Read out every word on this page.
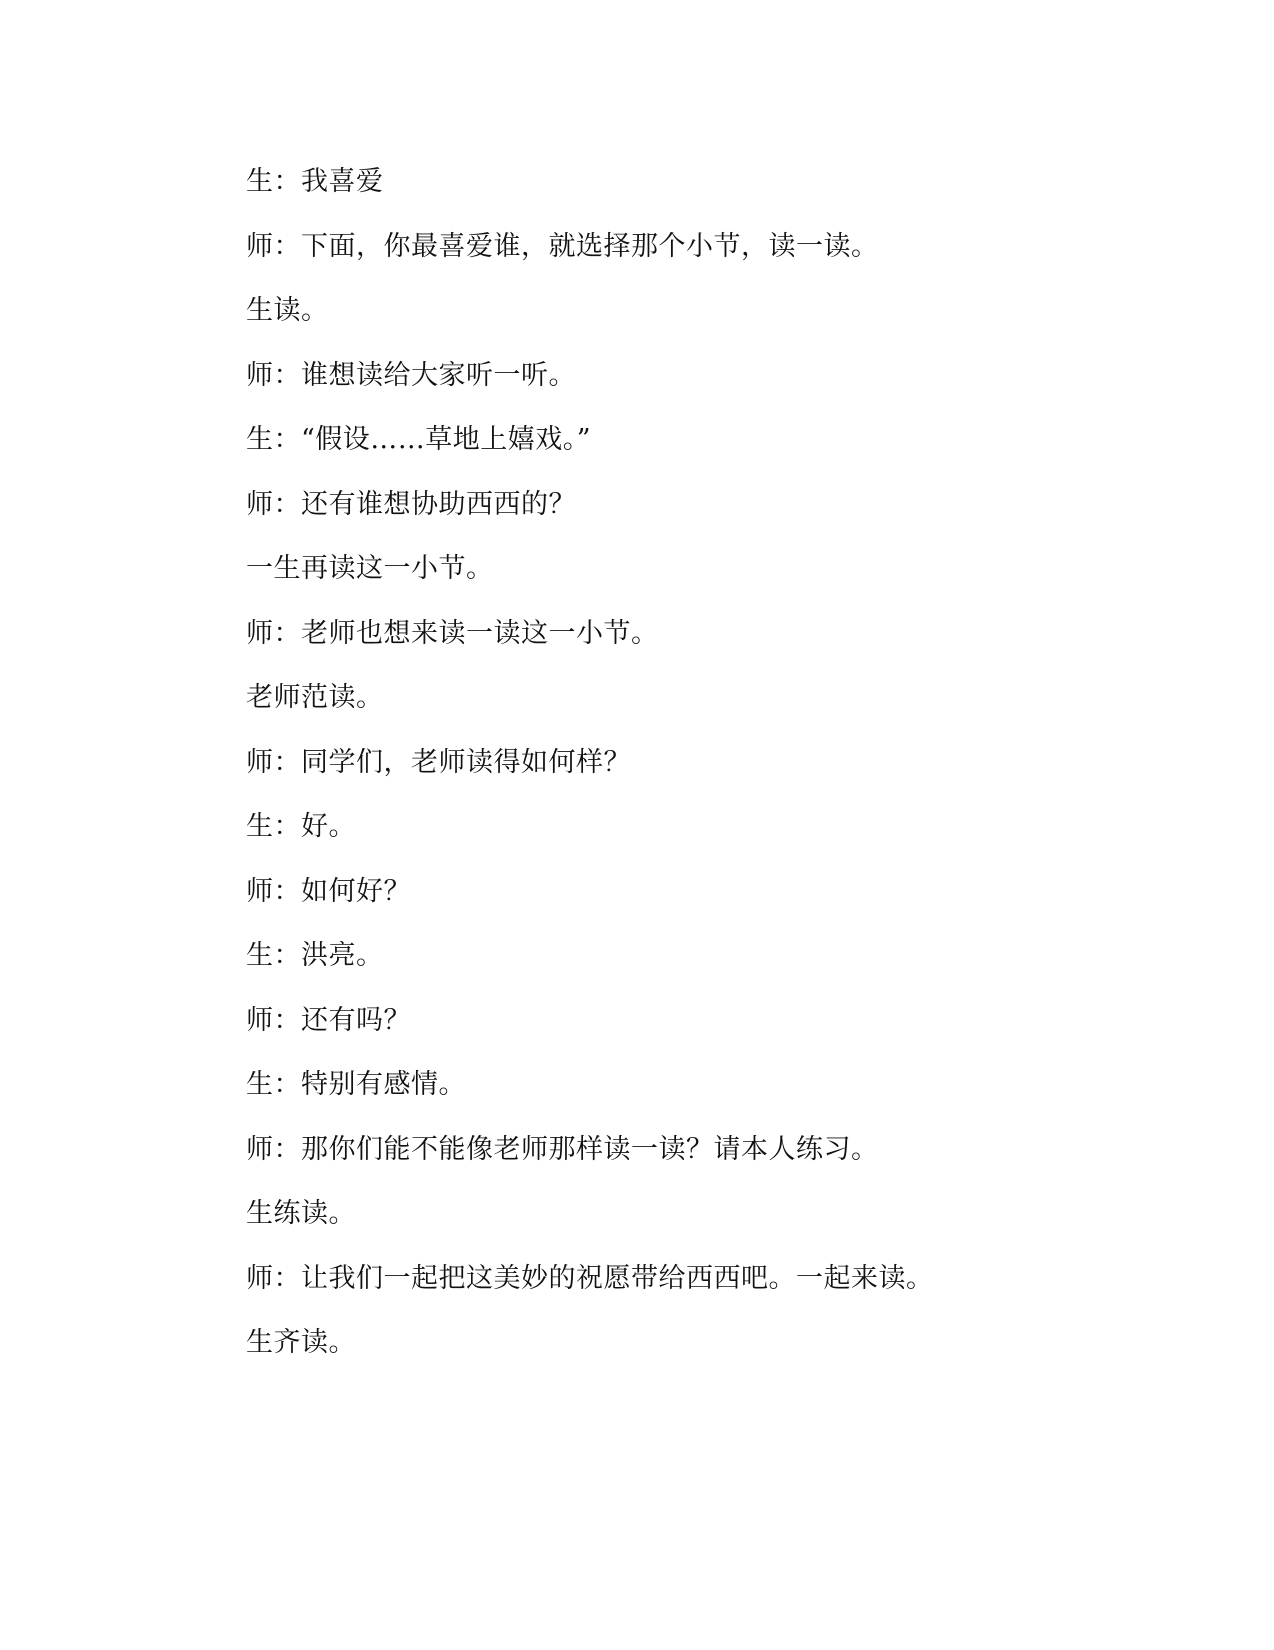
生：我喜爱
师：下面，你最喜爱谁，就选择那个小节，读一读。
生读。
师：谁想读给大家听一听。
生：“假设……草地上嬉戏。”
师：还有谁想协助西西的？
一生再读这一小节。
师：老师也想来读一读这一小节。
老师范读。
师：同学们，老师读得如何样？
生：好。
师：如何好？
生：洪亮。
师：还有吗？
生：特别有感情。
师：那你们能不能像老师那样读一读？请本人练习。
生练读。
师：让我们一起把这美妙的祝愿带给西西吧。一起来读。
生齐读。
